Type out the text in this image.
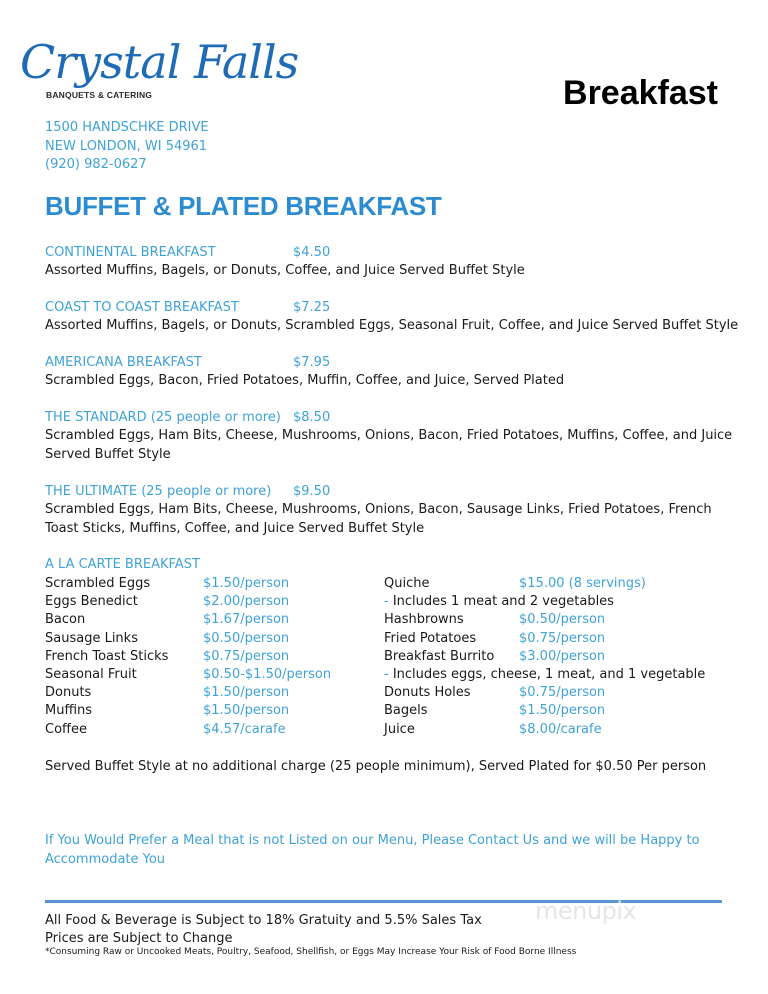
Crystal Falls
BANQUETS & CATERING	Breakfast
1500 HANDSCHKE DRIVE
NEW LONDON, WI 54961
(920) 982-0627
BUFFET & PLATED BREAKFAST
CONTINENTAL BREAKFAST	$4.50
Assorted Muffins, Bagels, or Donuts, Coffee, and Juice Served Buffet Style
COAST TO COAST BREAKFAST	$7.25
Assorted Muffins, Bagels, or Donuts, Scrambled Eggs, Seasonal Fruit, Coffee, and Juice Served Buffet Style
AMERICANA BREAKFAST	$7.95
Scrambled Eggs, Bacon, Fried Potatoes, Muffin, Coffee, and Juice, Served Plated
THE STANDARD (25 people or more) $8.50
Scrambled Eggs, Ham Bits, Cheese, Mushrooms, Onions, Bacon, Fried Potatoes, Muffins, Coffee, and Juice Served Buffet Style
THE ULTIMATE (25 people or more) $9.50
Scrambled Eggs, Ham Bits, Cheese, Mushrooms, Onions, Bacon, Sausage Links, Fried Potatoes, French Toast Sticks, Muffins, Coffee, and Juice Served Buffet Style
A LA CARTE BREAKFAST
Scrambled Eggs	$1.50/person
Eggs Benedict	$2.00/person
Bacon	$1.67/person
Sausage Links	$0.50/person
French Toast Sticks	$0.75/person
Seasonal Fruit	$0.50-$1.50/person
Donuts	$1.50/person
Muffins	$1.50/person
Coffee	$4.57/carafe
Quiche	$15.00 (8 servings)
- Includes 1 meat and 2 vegetables
Hashbrowns	$0.50/person
Fried Potatoes	$0.75/person
Breakfast Burrito $3.00/person
- Includes eggs, cheese, 1 meat, and 1 vegetable
Donuts Holes	$0.75/person
Bagels	$1.50/person
Juice	$8.00/carafe
Served Buffet Style at no additional charge (25 people minimum), Served Plated for $0.50 Per person
If You Would Prefer a Meal that is not Listed on our Menu, Please Contact Us and we will be Happy to Accommodate You
menupix
All Food & Beverage is Subject to 18% Gratuity and 5.5% Sales Tax
Prices are Subject to Change
*Consuming Raw or Uncooked Meats, Poultry, Seafood, Shellfish, or Eggs May Increase Your Risk of Food Borne Illness
